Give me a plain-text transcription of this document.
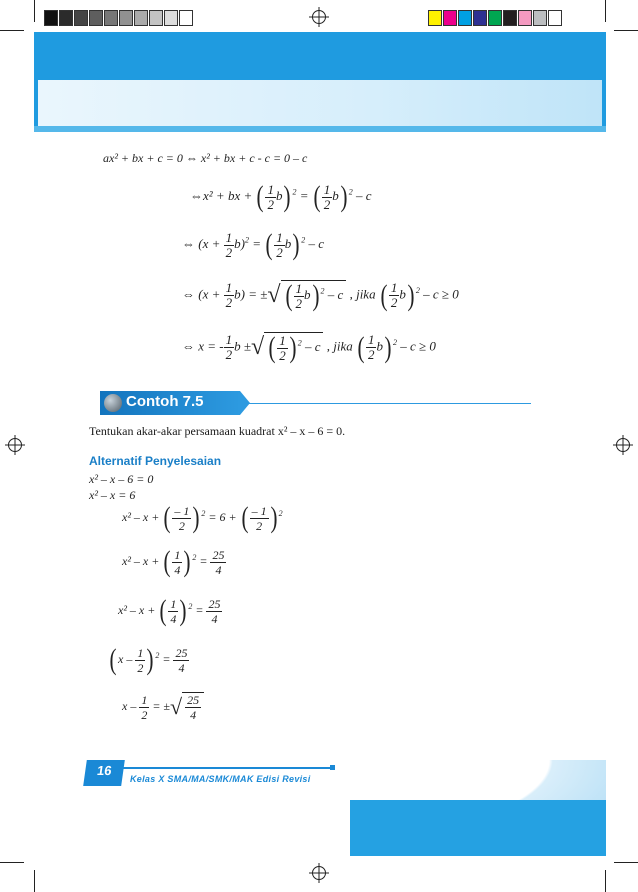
ax² + bx + c = 0 ⇔ x² + bx + c - c = 0 – c
⇔x² + bx + ( $\frac{1}{2} b$) $^2$ = ( $\frac{1}{2} b$) $^2$ – c
⇔ $(x + \frac{1}{2} b)^2$ = ( $\frac{1}{2} b$) $^2$ – c
⇔ $(x + \frac{1}{2} b)$ = ±√ ( $\frac{1}{2} b$) $^2$ – c , jika ( $\frac{1}{2} b$) $^2$ – c ≥ 0
⇔ x = - $\frac{1}{2}$ b ±√ ( $\frac{1}{2}$ ) $^2$ – c , jika ( $\frac{1}{2} b$) $^2$ – c ≥ 0
Contoh 7.5
Tentukan akar-akar persamaan kuadrat x² – x – 6 = 0.
Alternatif Penyelesaian
x² – x – 6 = 0
x² – x = 6
x² – x + ( $\frac{- 1}{2}$ ) $^2$ = 6 + ( $\frac{- 1}{2}$ ) $^2$
x² – x + ( $\frac{1}{4}$ ) $^2 = \frac{25}{4}$
x² – x + ( $\frac{1}{4}$ ) $^2 = \frac{25}{4}$
( x – $\frac{1}{2}$ ) $^2 = \frac{25}{4}$
x – $\frac{1}{2}$ = ±√ $\frac{25}{4}$
16
Kelas X SMA/MA/SMK/MAK Edisi Revisi
